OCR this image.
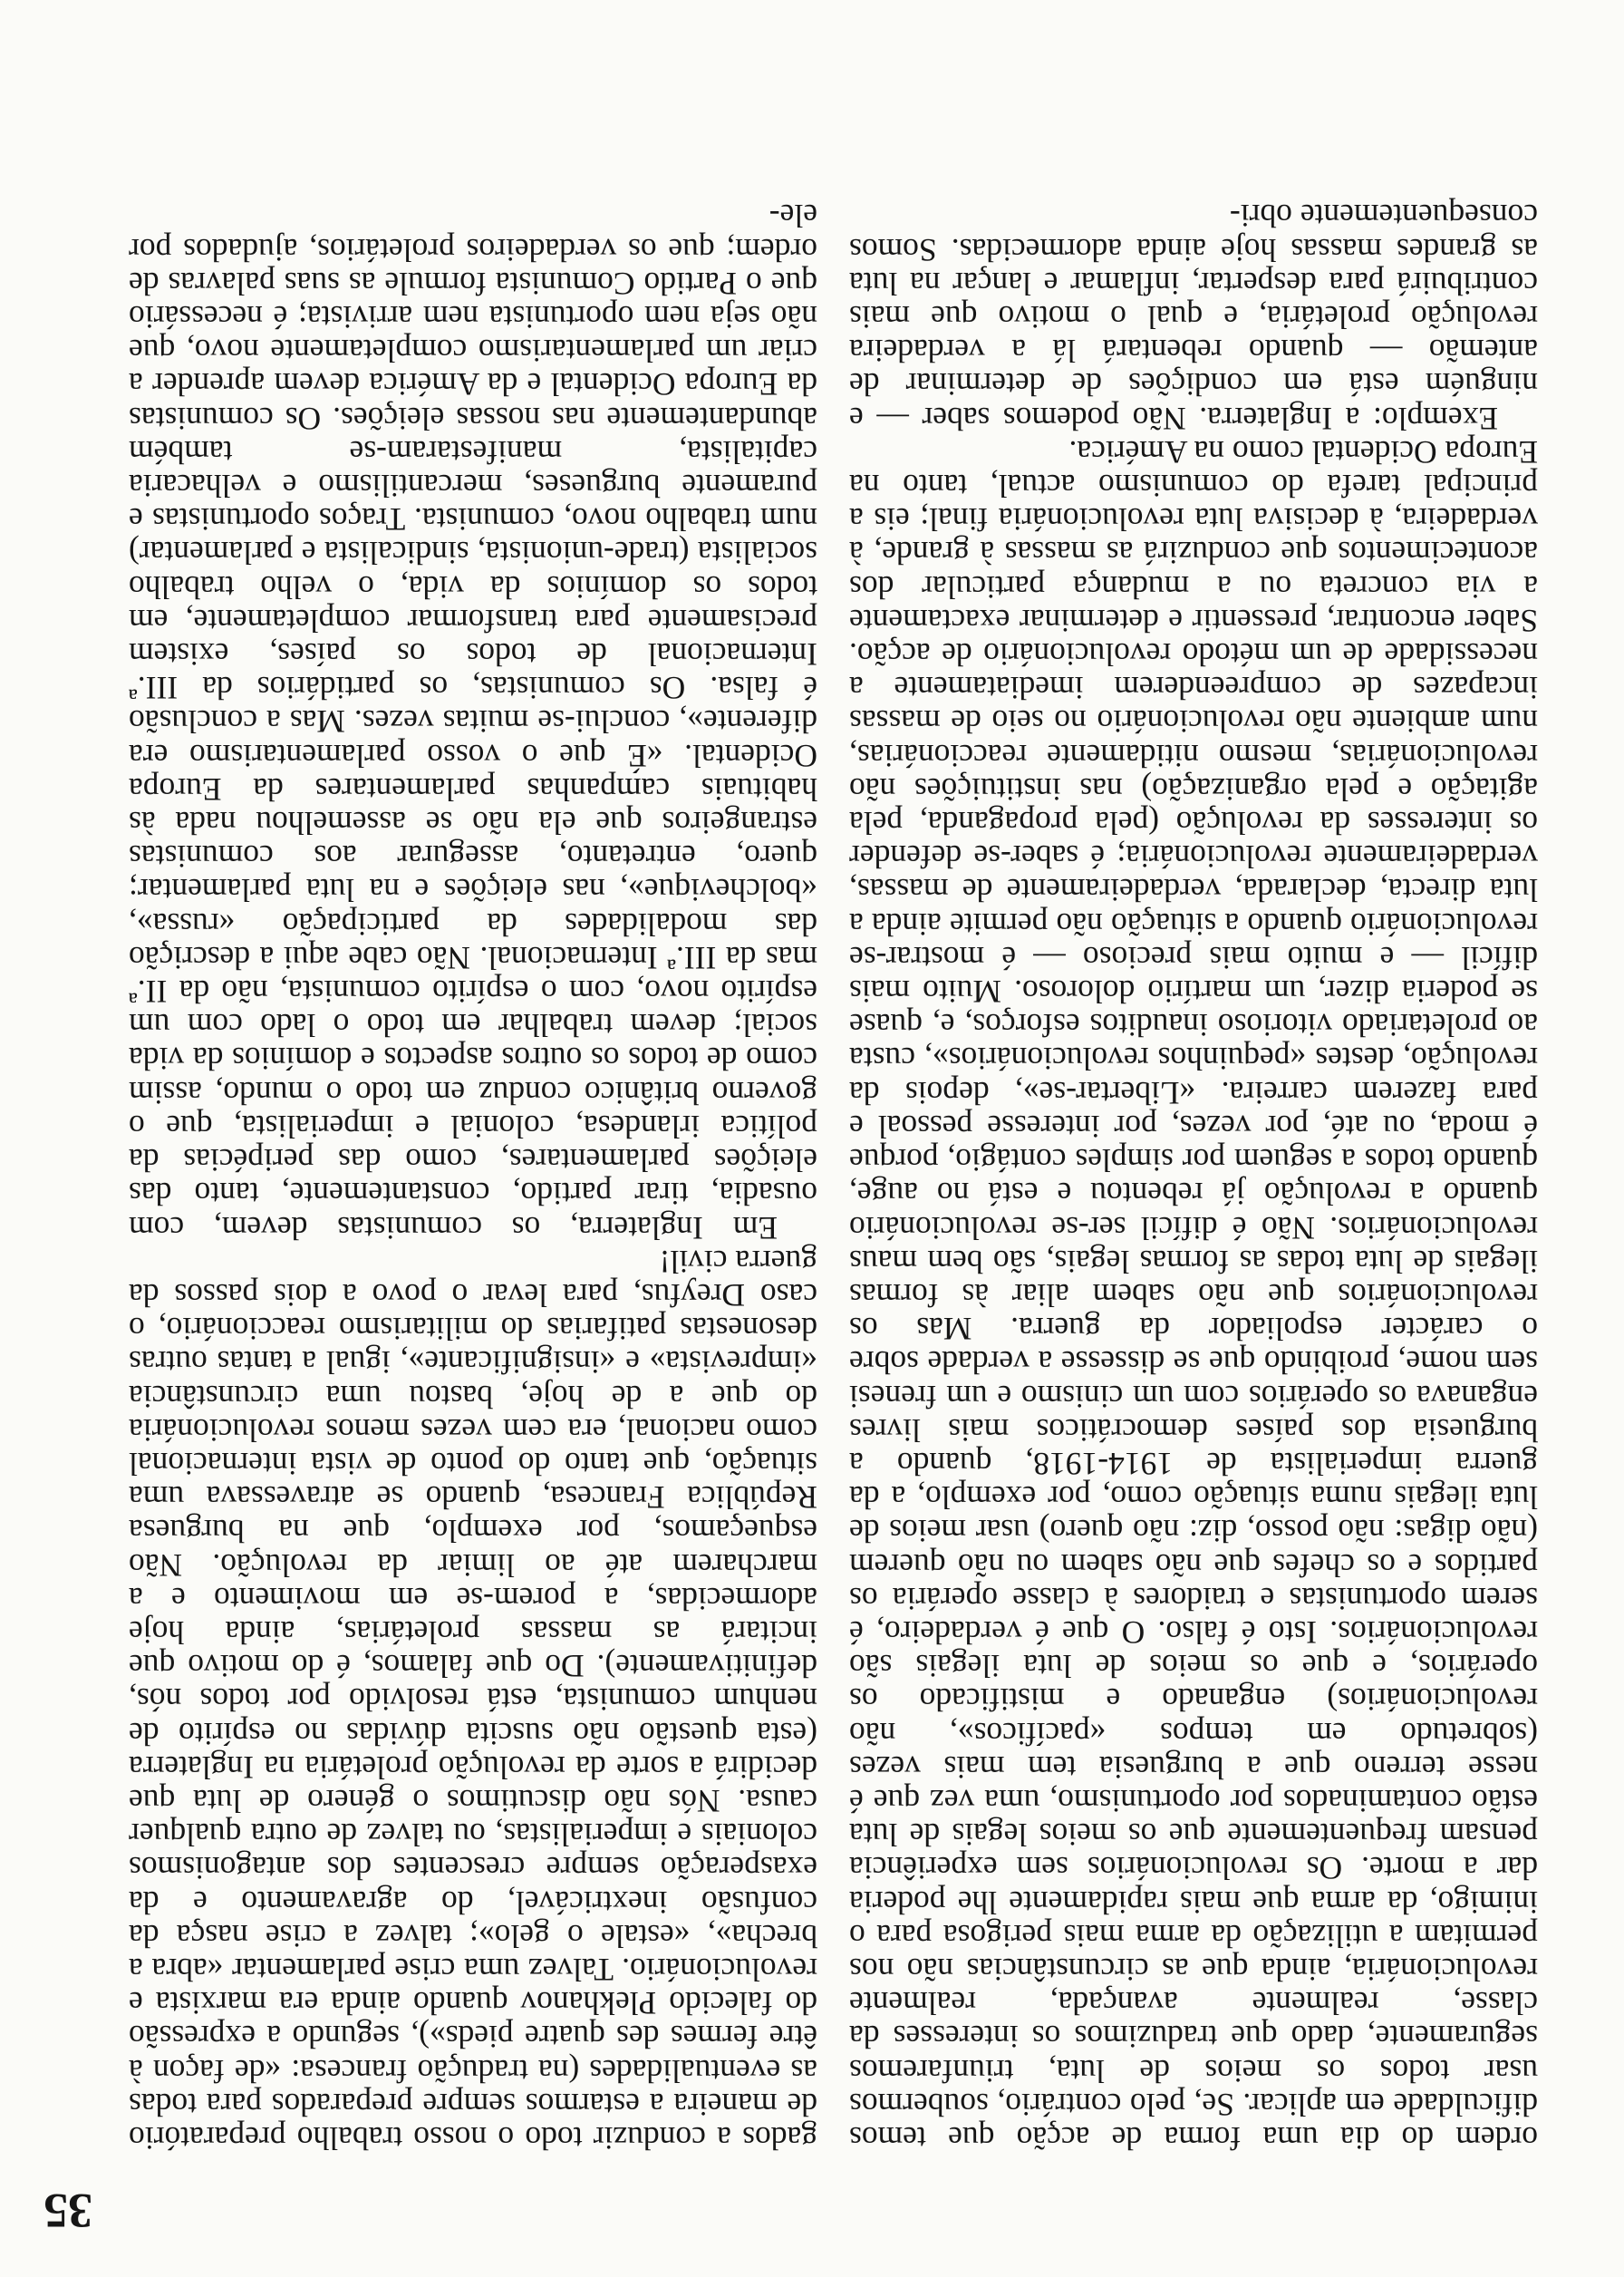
35

gados a conduzir todo o nosso trabalho preparatório de maneira a estarmos sempre preparados para todas as eventualidades (na tradução francesa: «de façon à être fermes des quatre pieds»), segundo a expressão do falecido Plekhanov quando ainda era marxista e revolucionário. Talvez uma crise parlamentar «abra a brecha», «estale o gelo»; talvez a crise nasça da confusão inextricável, do agravamento e da exasperação sempre crescentes dos antagonismos coloniais e imperialistas, ou talvez de outra qualquer causa. Nós não discutimos o género de luta que decidirá a sorte da revolução proletária na Inglaterra (esta questão não suscita dúvidas no espírito de nenhum comunista, está resolvido por todos nós, definitivamente). Do que falamos, é do motivo que incitará as massas proletárias, ainda hoje adormecidas, a porem-se em movimento e a marcharem até ao limiar da revolução. Não esqueçamos, por exemplo, que na burguesa República Francesa, quando se atravessava uma situação, que tanto do ponto de vista internacional como nacional, era cem vezes menos revolucionária do que a de hoje, bastou uma circunstância «imprevista» e «insignificante», igual a tantas outras desonestas patifarias do militarismo reaccionário, o caso Dreyfus, para levar o povo a dois passos da guerra civil!

Em Inglaterra, os comunistas devem, com ousadia, tirar partido, constantemente, tanto das eleições parlamentares, como das peripécias da política irlandesa, colonial e imperialista, que o governo britânico conduz em todo o mundo, assim como de todos os outros aspectos e domínios da vida social; devem trabalhar em todo o lado com um espírito novo, com o espírito comunista, não da II.ª mas da III.ª Internacional. Não cabe aqui a descrição das modalidades da participação «russa», «bolchevique», nas eleições e na luta parlamentar; quero, entretanto, assegurar aos comunistas estrangeiros que ela não se assemelhou nada às habituais campanhas parlamentares da Europa Ocidental. «É que o vosso parlamentarismo era diferente», conclui-se muitas vezes. Mas a conclusão é falsa. Os comunistas, os partidários da III.ª Internacional de todos os países, existem precisamente para transformar completamente, em todos os domínios da vida, o velho trabalho socialista (trade-unionista, sindicalista e parlamentar) num trabalho novo, comunista. Traços oportunistas e puramente burgueses, mercantilismo e velhacaria capitalista, manifestaram-se também abundantemente nas nossas eleições. Os comunistas da Europa Ocidental e da América devem aprender a criar um parlamentarismo completamente novo, que não seja nem oportunista nem arrivista; é necessário que o Partido Comunista formule as suas palavras de ordem; que os verdadeiros proletários, ajudados por ele-

ordem do dia uma forma de acção que temos dificuldade em aplicar. Se, pelo contrário, soubermos usar todos os meios de luta, triunfaremos seguramente, dado que traduzimos os interesses da classe, realmente avançada, realmente revolucionária, ainda que as circunstâncias não nos permitam a utilização da arma mais perigosa para o inimigo, da arma que mais rapidamente lhe poderia dar a morte. Os revolucionários sem experiência pensam frequentemente que os meios legais de luta estão contaminados por oportunismo, uma vez que é nesse terreno que a burguesia tem mais vezes (sobretudo em tempos «pacíficos», não revolucionários) enganado e mistificado os operários, e que os meios de luta ilegais são revolucionários. Isto é falso. O que é verdadeiro, é serem oportunistas e traidores à classe operária os partidos e os chefes que não sabem ou não querem (não digas: não posso, diz: não quero) usar meios de luta ilegais numa situação como, por exemplo, a da guerra imperialista de 1914-1918, quando a burguesia dos países democráticos mais livres enganava os operários com um cinismo e um frenesi sem nome, proibindo que se dissesse a verdade sobre o carácter espoliador da guerra. Mas os revolucionários que não sabem aliar às formas ilegais de luta todas as formas legais, são bem maus revolucionários. Não é difícil ser-se revolucionário quando a revolução já rebentou e está no auge, quando todos a seguem por simples contágio, porque é moda, ou até, por vezes, por interesse pessoal e para fazerem carreira. «Libertar-se», depois da revolução, destes «pequinhos revolucionários», custa ao proletariado vitorioso inauditos esforços, e, quase se poderia dizer, um martírio doloroso. Muito mais difícil — e muito mais precioso — é mostrar-se revolucionário quando a situação não permite ainda a luta directa, declarada, verdadeiramente de massas, verdadeiramente revolucionária; é saber-se defender os interesses da revolução (pela propaganda, pela agitação e pela organização) nas instituições não revolucionárias, mesmo nitidamente reaccionárias, num ambiente não revolucionário no seio de massas incapazes de compreenderem imediatamente a necessidade de um método revolucionário de acção. Saber encontrar, pressentir e determinar exactamente a via concreta ou a mudança particular dos acontecimentos que conduzirá as massas à grande, à verdadeira, à decisiva luta revolucionária final; eis a principal tarefa do comunismo actual, tanto na Europa Ocidental como na América.

Exemplo: a Inglaterra. Não podemos saber — e ninguém está em condições de determinar de antemão — quando rebentará lá a verdadeira revolução proletária, e qual o motivo que mais contribuirá para despertar, inflamar e lançar na luta as grandes massas hoje ainda adormecidas. Somos consequentemente obri-
